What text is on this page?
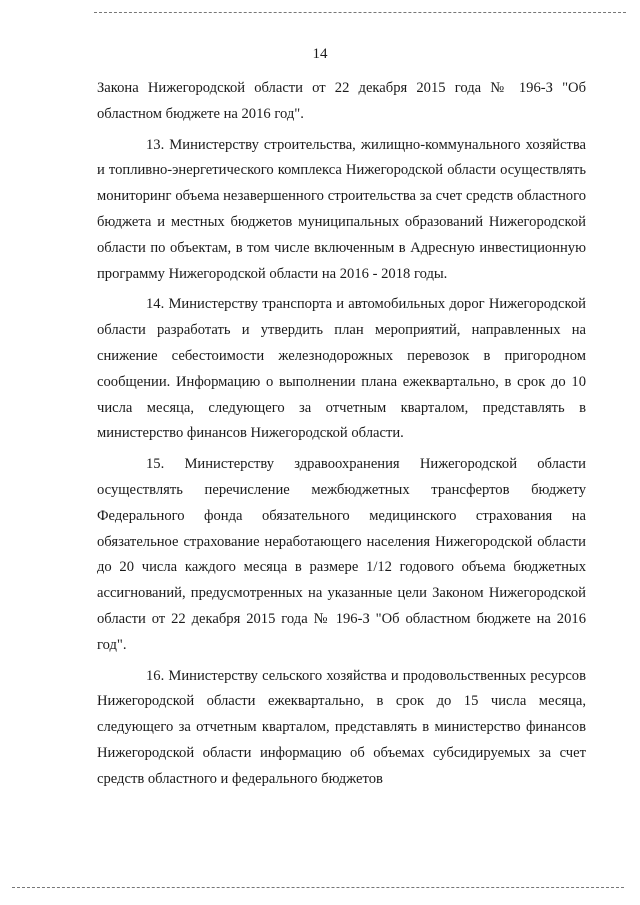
14

Закона Нижегородской области от 22 декабря 2015 года № 196-З "Об областном бюджете на 2016 год".

13. Министерству строительства, жилищно-коммунального хозяйства и топливно-энергетического комплекса Нижегородской области осуществлять мониторинг объема незавершенного строительства за счет средств областного бюджета и местных бюджетов муниципальных образований Нижегородской области по объектам, в том числе включенным в Адресную инвестиционную программу Нижегородской области на 2016 - 2018 годы.

14. Министерству транспорта и автомобильных дорог Нижегородской области разработать и утвердить план мероприятий, направленных на снижение себестоимости железнодорожных перевозок в пригородном сообщении. Информацию о выполнении плана ежеквартально, в срок до 10 числа месяца, следующего за отчетным кварталом, представлять в министерство финансов Нижегородской области.

15. Министерству здравоохранения Нижегородской области осуществлять перечисление межбюджетных трансфертов бюджету Федерального фонда обязательного медицинского страхования на обязательное страхование неработающего населения Нижегородской области до 20 числа каждого месяца в размере 1/12 годового объема бюджетных ассигнований, предусмотренных на указанные цели Законом Нижегородской области от 22 декабря 2015 года № 196-З "Об областном бюджете на 2016 год".

16. Министерству сельского хозяйства и продовольственных ресурсов Нижегородской области ежеквартально, в срок до 15 числа месяца, следующего за отчетным кварталом, представлять в министерство финансов Нижегородской области информацию об объемах субсидируемых за счет средств областного и федерального бюджетов
